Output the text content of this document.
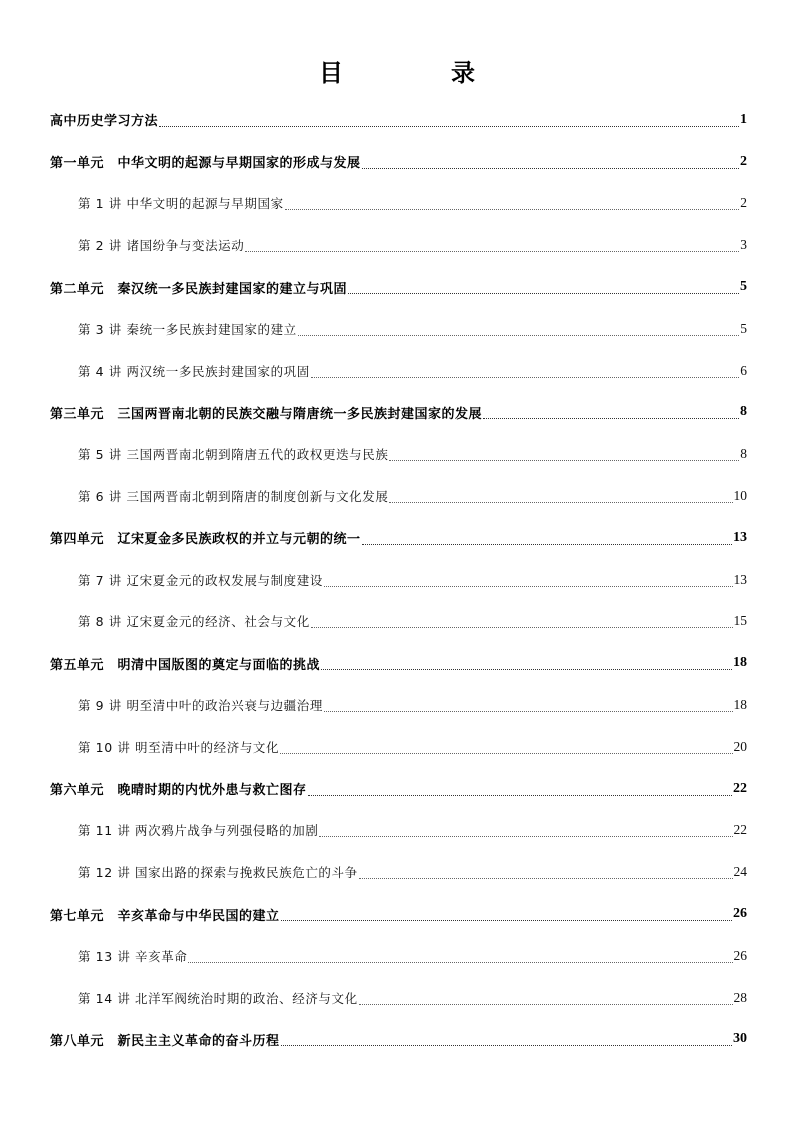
目　录
高中历史学习方法	1
第一单元　中华文明的起源与早期国家的形成与发展	2
第 1 讲 中华文明的起源与早期国家	2
第 2 讲 诸国纷争与变法运动	3
第二单元　秦汉统一多民族封建国家的建立与巩固	5
第 3 讲 秦统一多民族封建国家的建立	5
第 4 讲 两汉统一多民族封建国家的巩固	6
第三单元　三国两晋南北朝的民族交融与隋唐统一多民族封建国家的发展	8
第 5 讲 三国两晋南北朝到隋唐五代的政权更迭与民族	8
第 6 讲 三国两晋南北朝到隋唐的制度创新与文化发展	10
第四单元　辽宋夏金多民族政权的并立与元朝的统一	13
第 7 讲 辽宋夏金元的政权发展与制度建设	13
第 8 讲 辽宋夏金元的经济、社会与文化	15
第五单元　明清中国版图的奠定与面临的挑战	18
第 9 讲 明至清中叶的政治兴衰与边疆治理	18
第 10 讲 明至清中叶的经济与文化	20
第六单元　晚晴时期的内忧外患与救亡图存	22
第 11 讲 两次鸦片战争与列强侵略的加剧	22
第 12 讲 国家出路的探索与挽救民族危亡的斗争	24
第七单元　辛亥革命与中华民国的建立	26
第 13 讲 辛亥革命	26
第 14 讲 北洋军阀统治时期的政治、经济与文化	28
第八单元　新民主主义革命的奋斗历程	30
